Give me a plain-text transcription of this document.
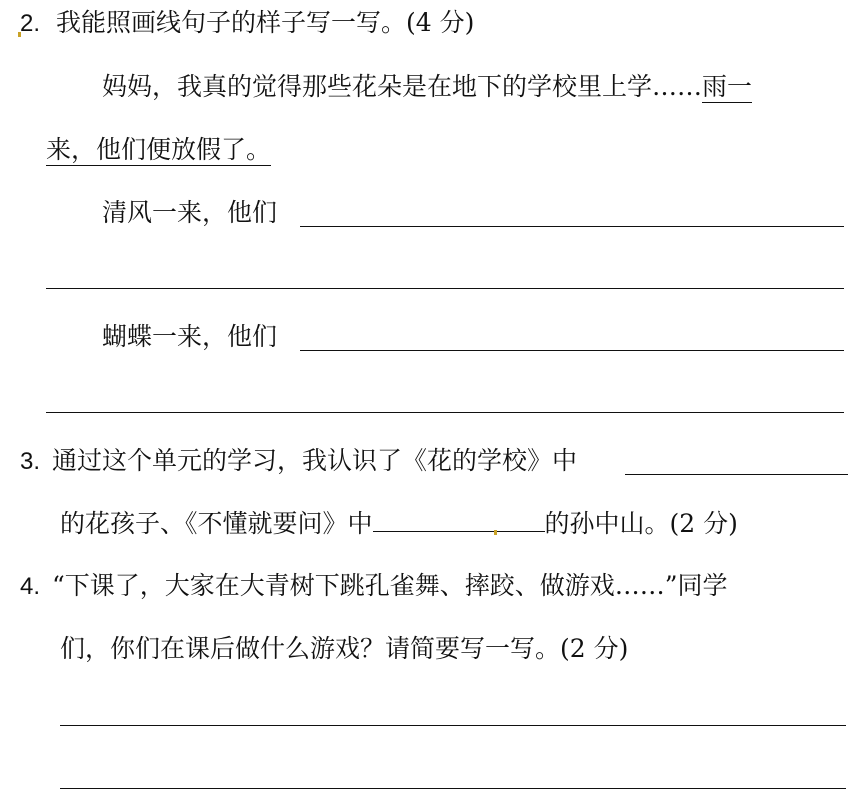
2. 我能照画线句子的样子写一写。(4 分)
妈妈，我真的觉得那些花朵是在地下的学校里上学……雨一
来，他们便放假了。
清风一来，他们
蝴蝶一来，他们
3. 通过这个单元的学习，我认识了《花的学校》中
的花孩子、《不懂就要问》中	的孙中山。(2 分)
4. “下课了，大家在大青树下跳孔雀舞、摔跤、做游戏……”同学
们，你们在课后做什么游戏？请简要写一写。(2 分)
